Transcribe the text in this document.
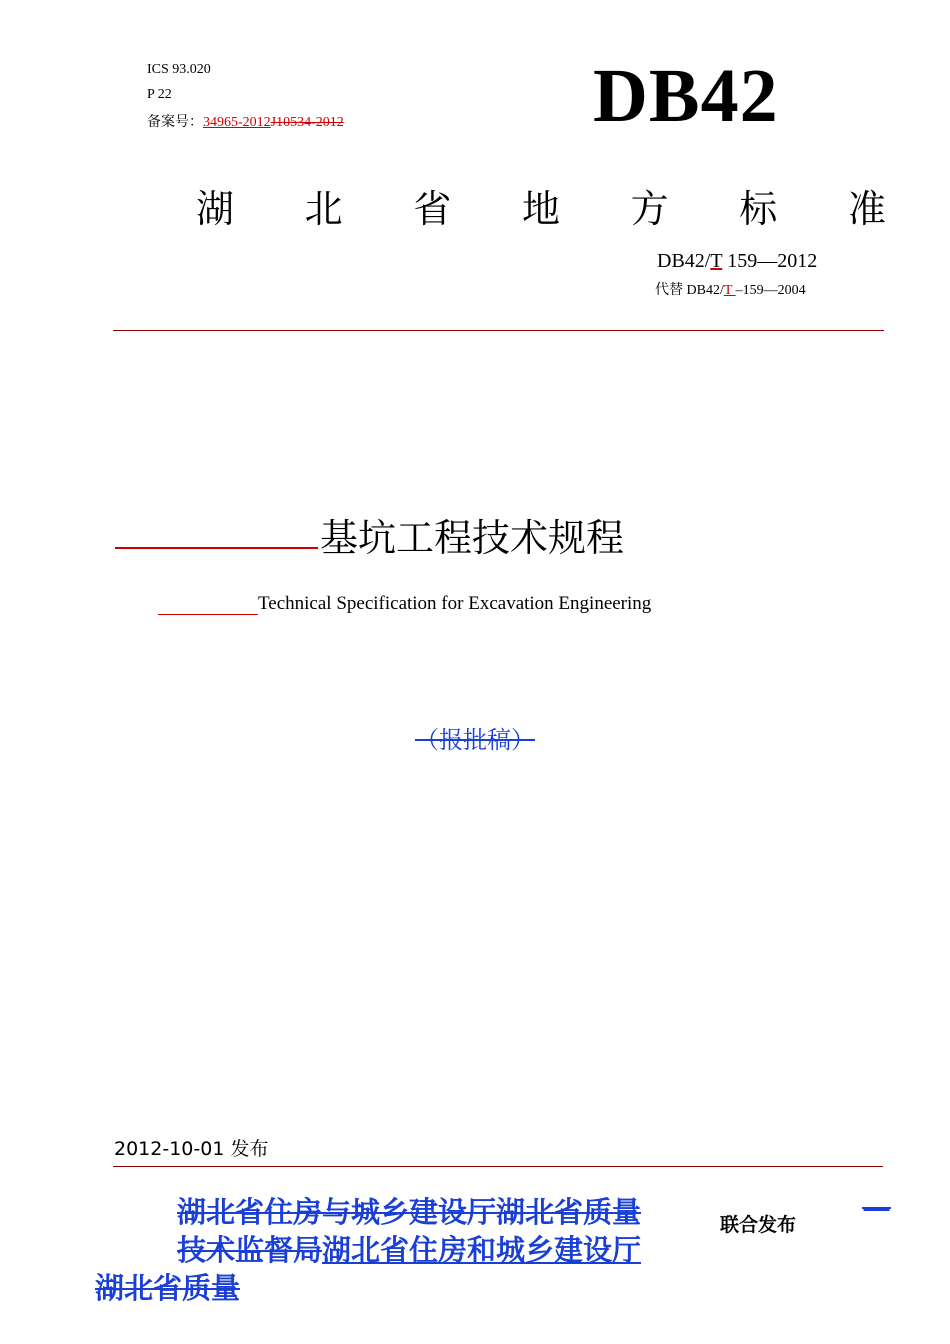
ICS 93.020
P 22
备案号：34965-2012J10534-2012	DB42
湖 北 省 地 方 标 准
DB42/T 159—2012
代替 DB42/T –159—2004
基坑工程技术规程
Technical Specification for Excavation Engineering
（报批稿）
2012-10-01 发布
湖北省住房与城乡建设厅湖北省质量	—
技术监督局湖北省住房和城乡建设厅
湖北省质量
联合发布
